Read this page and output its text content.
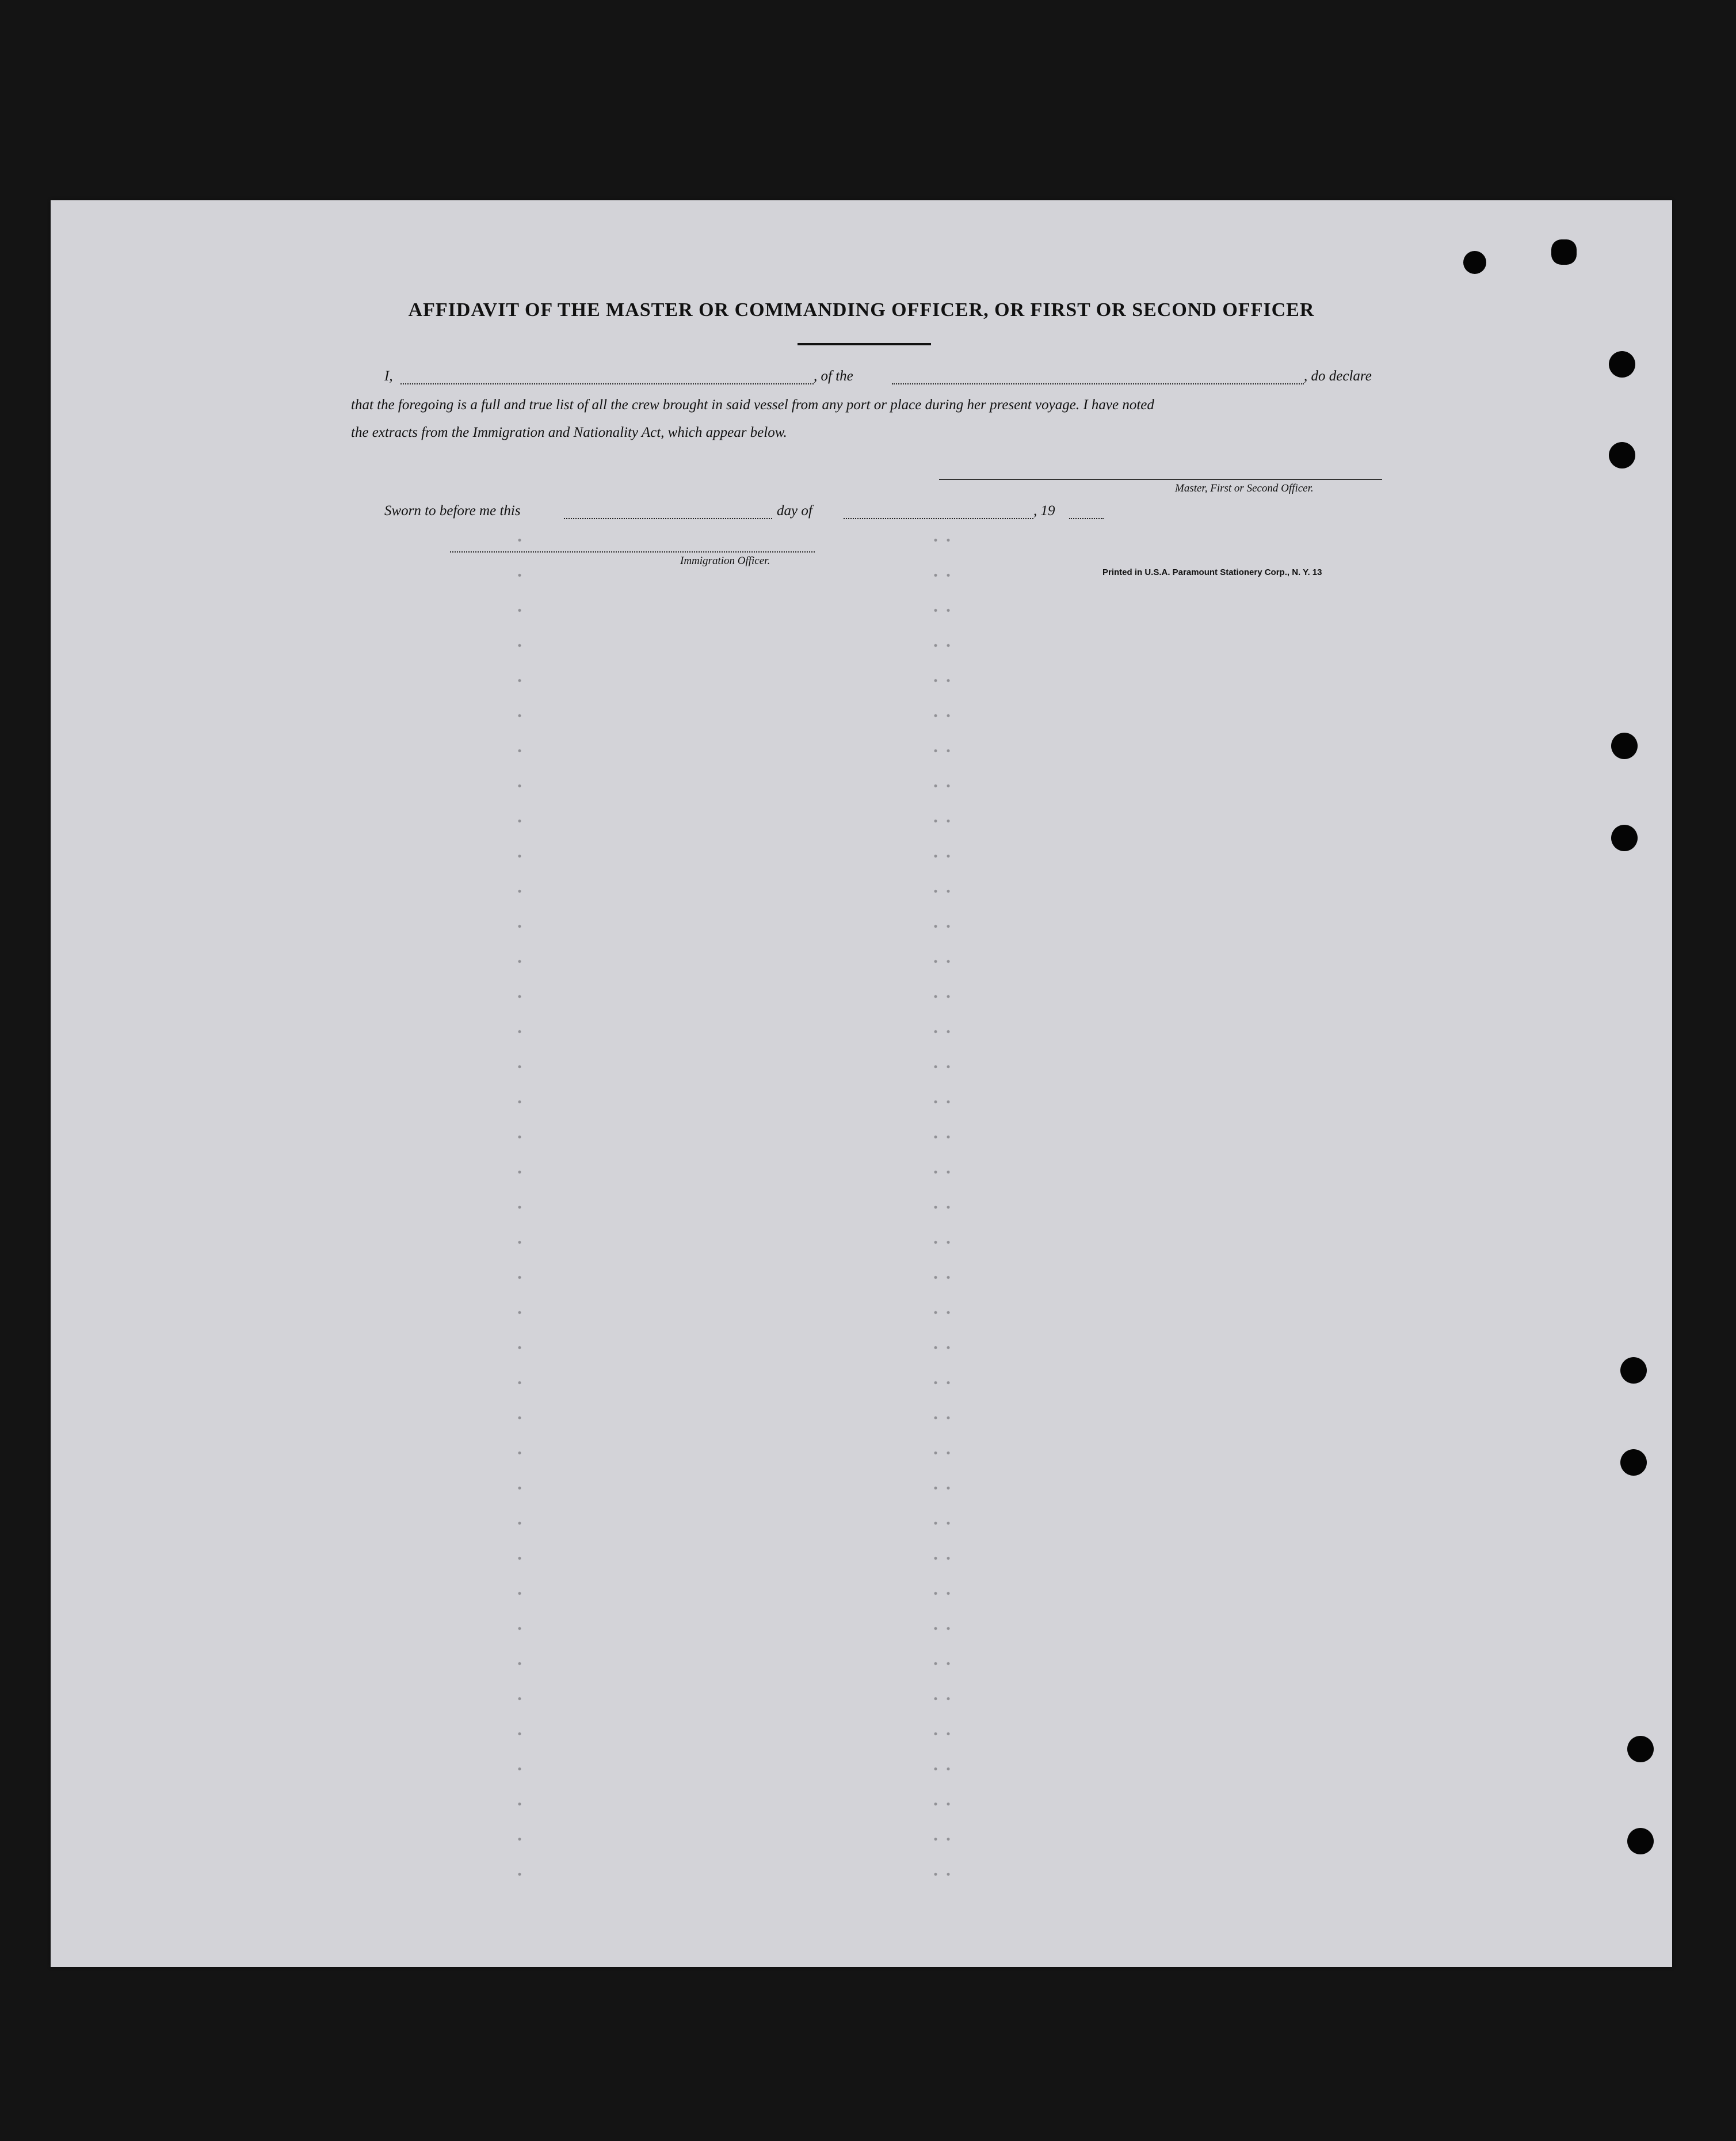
AFFIDAVIT OF THE MASTER OR COMMANDING OFFICER, OR FIRST OR SECOND OFFICER
I,	, of the	, do declare
that the foregoing is a full and true list of all the crew brought in said vessel from any port or place during her present voyage. I have noted
the extracts from the Immigration and Nationality Act, which appear below.
Master, First or Second Officer.
Sworn to before me this	day of	, 19
Immigration Officer.
Printed in U.S.A. Paramount Stationery Corp., N. Y. 13
